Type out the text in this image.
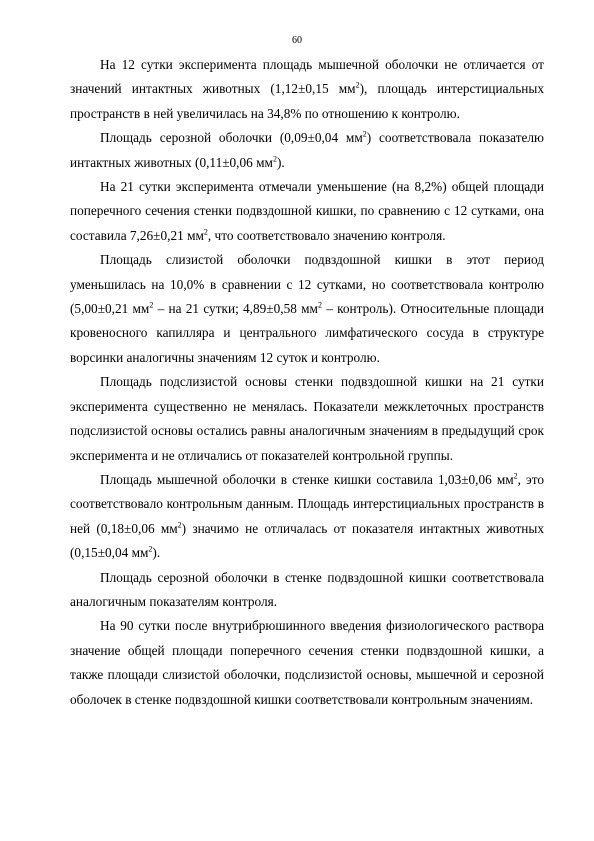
60

На 12 сутки эксперимента площадь мышечной оболочки не отличается от значений интактных животных (1,12±0,15 $мм^2$), площадь интерстициальных пространств в ней увеличилась на 34,8% по отношению к контролю.

Площадь серозной оболочки (0,09±0,04 $мм^2$) соответствовала показателю интактных животных (0,11±0,06 $мм^2$).

На 21 сутки эксперимента отмечали уменьшение (на 8,2%) общей площади поперечного сечения стенки подвздошной кишки, по сравнению с 12 сутками, она составила 7,26±0,21 $мм^2$, что соответствовало значению контроля.

Площадь слизистой оболочки подвздошной кишки в этот период уменьшилась на 10,0% в сравнении с 12 сутками, но соответствовала контролю (5,00±0,21 $мм^2$ – на 21 сутки; 4,89±0,58 $мм^2$ – контроль). Относительные площади кровеносного капилляра и центрального лимфатического сосуда в структуре ворсинки аналогичны значениям 12 суток и контролю.

Площадь подслизистой основы стенки подвздошной кишки на 21 сутки эксперимента существенно не менялась. Показатели межклеточных пространств подслизистой основы остались равны аналогичным значениям в предыдущий срок эксперимента и не отличались от показателей контрольной группы.

Площадь мышечной оболочки в стенке кишки составила 1,03±0,06 $мм^2$, это соответствовало контрольным данным. Площадь интерстициальных пространств в ней (0,18±0,06 $мм^2$) значимо не отличалась от показателя интактных животных (0,15±0,04 $мм^2$).

Площадь серозной оболочки в стенке подвздошной кишки соответствовала аналогичным показателям контроля.

На 90 сутки после внутрибрюшинного введения физиологического раствора значение общей площади поперечного сечения стенки подвздошной кишки, а также площади слизистой оболочки, подслизистой основы, мышечной и серозной оболочек в стенке подвздошной кишки соответствовали контрольным значениям.
